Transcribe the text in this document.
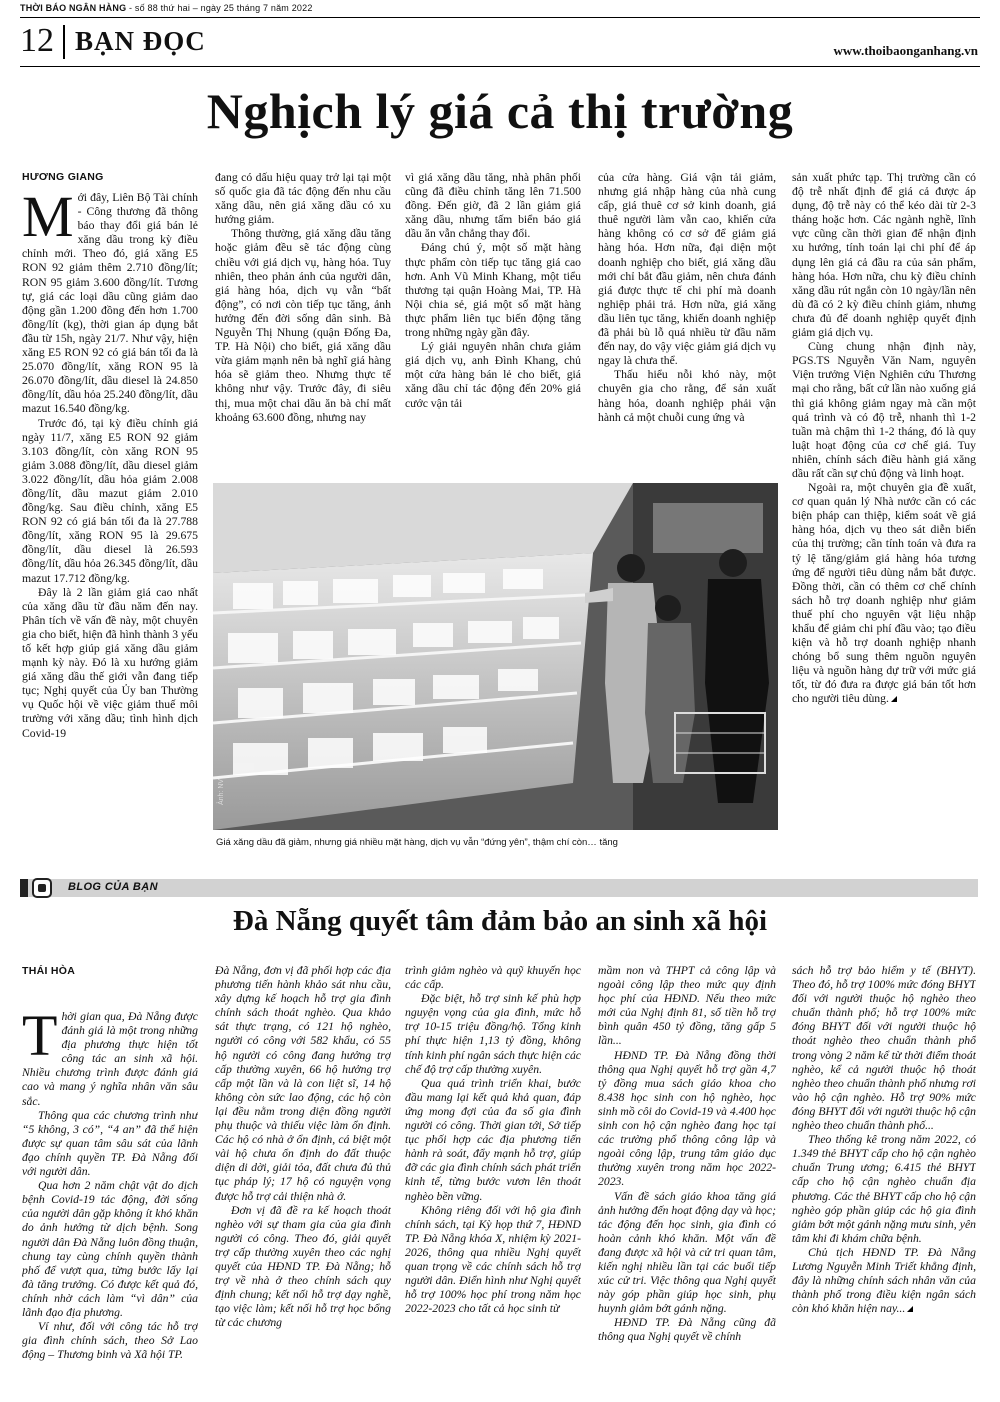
THỜI BÁO NGÂN HÀNG - số 88 thứ hai – ngày 25 tháng 7 năm 2022
12 BẠN ĐỌC	www.thoibaonganhang.vn
Nghịch lý giá cả thị trường
HƯƠNG GIANG

Mới đây, Liên Bộ Tài chính - Công thương đã thông báo thay đổi giá bán lẻ xăng dầu trong kỳ điều chỉnh mới. Theo đó, giá xăng E5 RON 92 giảm thêm 2.710 đồng/lít; RON 95 giảm 3.600 đồng/lít. Tương tự, giá các loại dầu cũng giảm dao động gần 1.200 đồng đến hơn 1.700 đồng/lít (kg), thời gian áp dụng bắt đầu từ 15h, ngày 21/7. Như vậy, hiện xăng E5 RON 92 có giá bán tối đa là 25.070 đồng/lít, xăng RON 95 là 26.070 đồng/lít, dầu diesel là 24.850 đồng/lít, dầu hỏa 25.240 đồng/lít, dầu mazut 16.540 đồng/kg.

Trước đó, tại kỳ điều chỉnh giá ngày 11/7, xăng E5 RON 92 giảm 3.103 đồng/lít, còn xăng RON 95 giảm 3.088 đồng/lít, dầu diesel giảm 3.022 đồng/lít, dầu hỏa giảm 2.008 đồng/lít, dầu mazut giảm 2.010 đồng/kg. Sau điều chỉnh, xăng E5 RON 92 có giá bán tối đa là 27.788 đồng/lít, xăng RON 95 là 29.675 đồng/lít, dầu diesel là 26.593 đồng/lít, dầu hỏa 26.345 đồng/lít, dầu mazut 17.712 đồng/kg.

Đây là 2 lần giảm giá cao nhất của xăng dầu từ đầu năm đến nay. Phân tích về vấn đề này, một chuyên gia cho biết, hiện đã hình thành 3 yếu tố kết hợp giúp giá xăng dầu giảm mạnh kỳ này. Đó là xu hướng giảm giá xăng dầu thế giới vẫn đang tiếp tục; Nghị quyết của Ủy ban Thường vụ Quốc hội về việc giảm thuế môi trường với xăng dầu; tình hình dịch Covid-19

đang có dấu hiệu quay trở lại tại một số quốc gia đã tác động đến nhu cầu xăng dầu, nên giá xăng dầu có xu hướng giảm.

Thông thường, giá xăng dầu tăng hoặc giảm đều sẽ tác động cùng chiều với giá dịch vụ, hàng hóa. Tuy nhiên, theo phản ánh của người dân, giá hàng hóa, dịch vụ vẫn “bất động”, có nơi còn tiếp tục tăng, ảnh hưởng đến đời sống dân sinh. Bà Nguyễn Thị Nhung (quận Đống Đa, TP. Hà Nội) cho biết, giá xăng dầu vừa giảm mạnh nên bà nghĩ giá hàng hóa sẽ giảm theo. Nhưng thực tế không như vậy. Trước đây, đi siêu thị, mua một chai dầu ăn bà chỉ mất khoảng 63.600 đồng, nhưng nay

vì giá xăng dầu tăng, nhà phân phối cũng đã điều chỉnh tăng lên 71.500 đồng. Đến giờ, đã 2 lần giảm giá xăng dầu, nhưng tấm biển báo giá dầu ăn vẫn chẳng thay đổi.

Đáng chú ý, một số mặt hàng thực phẩm còn tiếp tục tăng giá cao hơn. Anh Vũ Minh Khang, một tiểu thương tại quận Hoàng Mai, TP. Hà Nội chia sẻ, giá một số mặt hàng thực phẩm liên tục biến động tăng trong những ngày gần đây.

Lý giải nguyên nhân chưa giảm giá dịch vụ, anh Đình Khang, chủ một cửa hàng bán lẻ cho biết, giá xăng dầu chỉ tác động đến 20% giá cước vận tải

của cửa hàng. Giá vận tải giảm, nhưng giá nhập hàng của nhà cung cấp, giá thuê cơ sở kinh doanh, giá thuê người làm vẫn cao, khiến cửa hàng không có cơ sở để giảm giá hàng hóa. Hơn nữa, đại diện một doanh nghiệp cho biết, giá xăng dầu mới chỉ bắt đầu giảm, nên chưa đánh giá được thực tế chi phí mà doanh nghiệp phải trả. Hơn nữa, giá xăng dầu liên tục tăng, khiến doanh nghiệp đã phải bù lỗ quá nhiều từ đầu năm đến nay, do vậy việc giảm giá dịch vụ ngay là chưa thể.

Thấu hiểu nỗi khó này, một chuyên gia cho rằng, để sản xuất hàng hóa, doanh nghiệp phải vận hành cả một chuỗi cung ứng và

sản xuất phức tạp. Thị trường cần có độ trễ nhất định để giá cả được áp dụng, độ trễ này có thể kéo dài từ 2-3 tháng hoặc hơn. Các ngành nghề, lĩnh vực cũng cần thời gian để nhận định xu hướng, tính toán lại chi phí để áp dụng lên giá cả đầu ra của sản phẩm, hàng hóa. Hơn nữa, chu kỳ điều chỉnh xăng dầu rút ngắn còn 10 ngày/lần nên dù đã có 2 kỳ điều chỉnh giảm, nhưng chưa đủ để doanh nghiệp quyết định giảm giá dịch vụ.

Cùng chung nhận định này, PGS.TS Nguyễn Văn Nam, nguyên Viện trưởng Viện Nghiên cứu Thương mại cho rằng, bất cứ lần nào xuống giá thì giá không giảm ngay mà cần một quá trình và có độ trễ, nhanh thì 1-2 tuần mà chậm thì 1-2 tháng, đó là quy luật hoạt động của cơ chế giá. Tuy nhiên, chính sách điều hành giá xăng dầu rất cần sự chủ động và linh hoạt.

Ngoài ra, một chuyên gia đề xuất, cơ quan quản lý Nhà nước cần có các biện pháp can thiệp, kiểm soát về giá hàng hóa, dịch vụ theo sát diễn biến của thị trường; cần tính toán và đưa ra tỷ lệ tăng/giảm giá hàng hóa tương ứng để người tiêu dùng nắm bắt được. Đồng thời, cần có thêm cơ chế chính sách hỗ trợ doanh nghiệp như giảm thuế phí cho nguyên vật liệu nhập khẩu để giảm chi phí đầu vào; tạo điều kiện và hỗ trợ doanh nghiệp nhanh chóng bổ sung thêm nguồn nguyên liệu và nguồn hàng dự trữ với mức giá tốt, từ đó đưa ra được giá bán tốt hơn cho người tiêu dùng.

Ảnh: NV
Giá xăng dầu đã giảm, nhưng giá nhiều mặt hàng, dịch vụ vẫn “đứng yên”, thậm chí còn… tăng
BLOG CỦA BẠN
Đà Nẵng quyết tâm đảm bảo an sinh xã hội
THÁI HÒA

Thời gian qua, Đà Nẵng được đánh giá là một trong những địa phương thực hiện tốt công tác an sinh xã hội. Nhiều chương trình được đánh giá cao và mang ý nghĩa nhân văn sâu sắc.

Thông qua các chương trình như “5 không, 3 có”, “4 an” đã thể hiện được sự quan tâm sâu sát của lãnh đạo chính quyền TP. Đà Nẵng đối với người dân.

Qua hơn 2 năm chật vật do dịch bệnh Covid-19 tác động, đời sống của người dân gặp không ít khó khăn do ảnh hưởng từ dịch bệnh. Song người dân Đà Nẵng luôn đồng thuận, chung tay cùng chính quyền thành phố để vượt qua, từng bước lấy lại đà tăng trưởng. Có được kết quả đó, chính nhờ cách làm “vì dân” của lãnh đạo địa phương.

Ví như, đối với công tác hỗ trợ gia đình chính sách, theo Sở Lao động – Thương binh và Xã hội TP.

Đà Nẵng, đơn vị đã phối hợp các địa phương tiến hành khảo sát nhu cầu, xây dựng kế hoạch hỗ trợ gia đình chính sách thoát nghèo. Qua khảo sát thực trạng, có 121 hộ nghèo, người có công với 582 khẩu, có 55 hộ người có công đang hưởng trợ cấp thường xuyên, 66 hộ hưởng trợ cấp một lần và là con liệt sĩ, 14 hộ không còn sức lao động, các hộ còn lại đều nằm trong diện đồng người phụ thuộc và thiếu việc làm ổn định. Các hộ có nhà ở ổn định, cá biệt một vài hộ chưa ổn định do đất thuộc diện di dời, giải tỏa, đất chưa đủ thủ tục pháp lý; 17 hộ có nguyện vọng được hỗ trợ cải thiện nhà ở.

Đơn vị đã đề ra kế hoạch thoát nghèo với sự tham gia của gia đình người có công. Theo đó, giải quyết trợ cấp thường xuyên theo các nghị quyết của HĐND TP. Đà Nẵng; hỗ trợ về nhà ở theo chính sách quy định chung; kết nối hỗ trợ dạy nghề, tạo việc làm; kết nối hỗ trợ học bổng từ các chương

trình giảm nghèo và quỹ khuyến học các cấp.

Đặc biệt, hỗ trợ sinh kế phù hợp nguyện vọng của gia đình, mức hỗ trợ 10-15 triệu đồng/hộ. Tổng kinh phí thực hiện 1,13 tỷ đồng, không tính kinh phí ngân sách thực hiện các chế độ trợ cấp thường xuyên.

Qua quá trình triển khai, bước đầu mang lại kết quả khả quan, đáp ứng mong đợi của đa số gia đình người có công. Thời gian tới, Sở tiếp tục phối hợp các địa phương tiến hành rà soát, đẩy mạnh hỗ trợ, giúp đỡ các gia đình chính sách phát triển kinh tế, từng bước vươn lên thoát nghèo bền vững.

Không riêng đối với hộ gia đình chính sách, tại Kỳ họp thứ 7, HĐND TP. Đà Nẵng khóa X, nhiệm kỳ 2021-2026, thông qua nhiều Nghị quyết quan trọng về các chính sách hỗ trợ người dân. Điển hình như Nghị quyết hỗ trợ 100% học phí trong năm học 2022-2023 cho tất cả học sinh từ

mầm non và THPT cả công lập và ngoài công lập theo mức quy định học phí của HĐND. Nếu theo mức mới của Nghị định 81, số tiền hỗ trợ bình quân 450 tỷ đồng, tăng gấp 5 lần...

HĐND TP. Đà Nẵng đồng thời thông qua Nghị quyết hỗ trợ gần 4,7 tỷ đồng mua sách giáo khoa cho 8.438 học sinh con hộ nghèo, học sinh mồ côi do Covid-19 và 4.400 học sinh con hộ cận nghèo đang học tại các trường phổ thông công lập và ngoài công lập, trung tâm giáo dục thường xuyên trong năm học 2022-2023.

Vấn đề sách giáo khoa tăng giá ảnh hưởng đến hoạt động dạy và học; tác động đến học sinh, gia đình có hoàn cảnh khó khăn. Một vấn đề đang được xã hội và cử tri quan tâm, kiến nghị nhiều lần tại các buổi tiếp xúc cử tri. Việc thông qua Nghị quyết này góp phần giúp học sinh, phụ huynh giảm bớt gánh nặng.

HĐND TP. Đà Nẵng cũng đã thông qua Nghị quyết về chính

sách hỗ trợ bảo hiểm y tế (BHYT). Theo đó, hỗ trợ 100% mức đóng BHYT đối với người thuộc hộ nghèo theo chuẩn thành phố; hỗ trợ 100% mức đóng BHYT đối với người thuộc hộ thoát nghèo theo chuẩn thành phố trong vòng 2 năm kể từ thời điểm thoát nghèo, kể cả người thuộc hộ thoát nghèo theo chuẩn thành phố nhưng rơi vào hộ cận nghèo. Hỗ trợ 90% mức đóng BHYT đối với người thuộc hộ cận nghèo theo chuẩn thành phố...

Theo thống kê trong năm 2022, có 1.349 thẻ BHYT cấp cho hộ cận nghèo chuẩn Trung ương; 6.415 thẻ BHYT cấp cho hộ cận nghèo chuẩn địa phương. Các thẻ BHYT cấp cho hộ cận nghèo góp phần giúp các hộ gia đình giảm bớt một gánh nặng mưu sinh, yên tâm khi đi khám chữa bệnh.

Chủ tịch HĐND TP. Đà Nẵng Lương Nguyễn Minh Triết khẳng định, đây là những chính sách nhân văn của thành phố trong điều kiện ngân sách còn khó khăn hiện nay...
